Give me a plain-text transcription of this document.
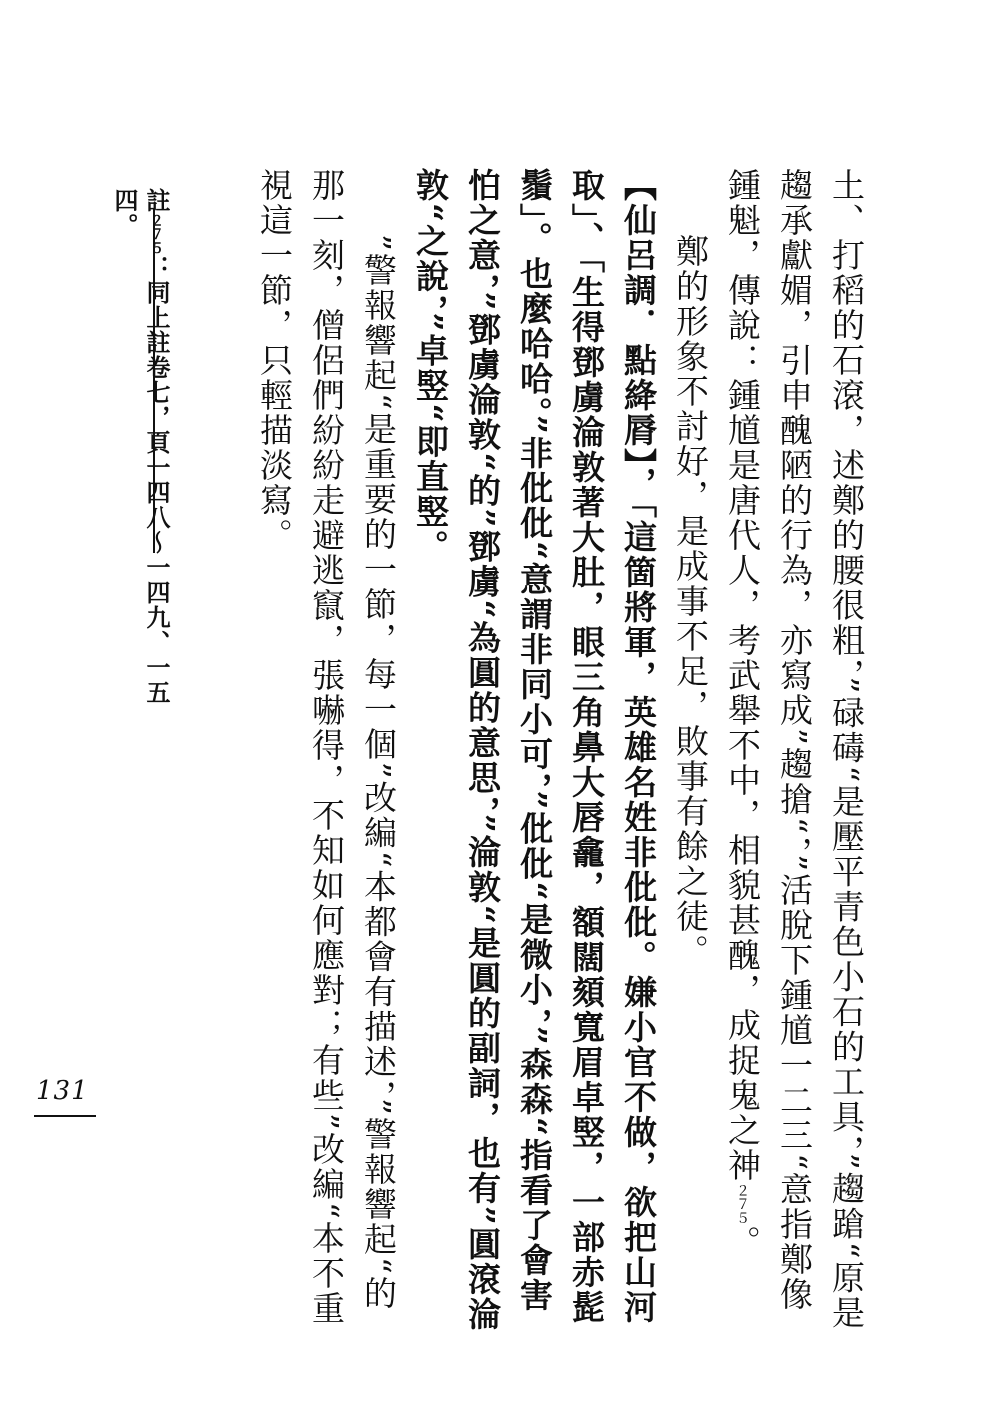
土、打稻的石滾，述鄭的腰很粗，”碌碡“是壓平青色小石的工具，”趨蹌“原是趨承獻媚，引申醜陋的行為，亦寫成”趨搶“，”活脫下鍾馗一二三“意指鄭像鍾魁，傳說：鍾馗是唐代人，考武舉不中，相貌甚醜，成捉鬼之神２７５。

鄭的形象不討好，是成事不足，敗事有餘之徒。

【仙呂調．點絳脣】，「這箇將軍，英雄名姓非仳仳。嫌小官不做，欲把山河取」、「生得鄧虜淪敦著大肚，眼三角鼻大唇龕，額闊頦寬眉卓竪，一部赤髭鬚」。也麼哈哈。”非仳仳“意謂非同小可，”仳仳“是微小，”森森“指看了會害怕之意，”鄧虜淪敦“的”鄧虜“為圓的意思，”淪敦“是圓的副詞，也有”圓滾淪敦“之說，”卓竪“即直竪。

”警報響起“是重要的一節，每一個”改編“本都會有描述，”警報響起“的那一刻，僧侶們紛紛走避逃竄，張嚇得，不知如何應對；有些”改編“本不重視這一節，只輕描淡寫。

註２７５：同上註卷七，頁一四八～一四九、一五四。
131
